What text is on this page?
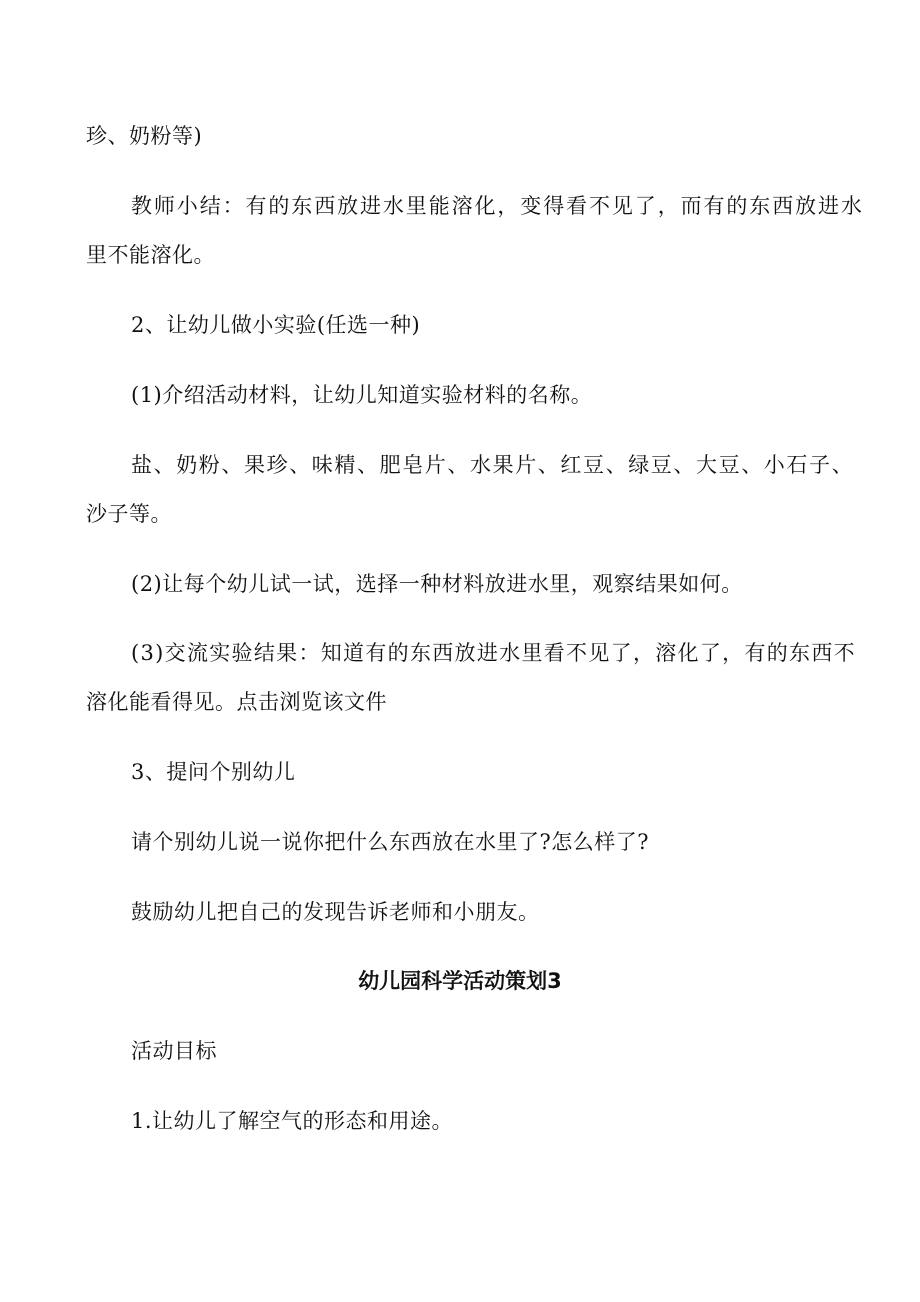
珍、奶粉等)
教师小结：有的东西放进水里能溶化，变得看不见了，而有的东西放进水
里不能溶化。
2、让幼儿做小实验(任选一种)
(1)介绍活动材料，让幼儿知道实验材料的名称。
盐、奶粉、果珍、味精、肥皂片、水果片、红豆、绿豆、大豆、小石子、
沙子等。
(2)让每个幼儿试一试，选择一种材料放进水里，观察结果如何。
(3)交流实验结果：知道有的东西放进水里看不见了，溶化了，有的东西不
溶化能看得见。点击浏览该文件
3、提问个别幼儿
请个别幼儿说一说你把什么东西放在水里了?怎么样了?
鼓励幼儿把自己的发现告诉老师和小朋友。
幼儿园科学活动策划3
活动目标
1.让幼儿了解空气的形态和用途。
